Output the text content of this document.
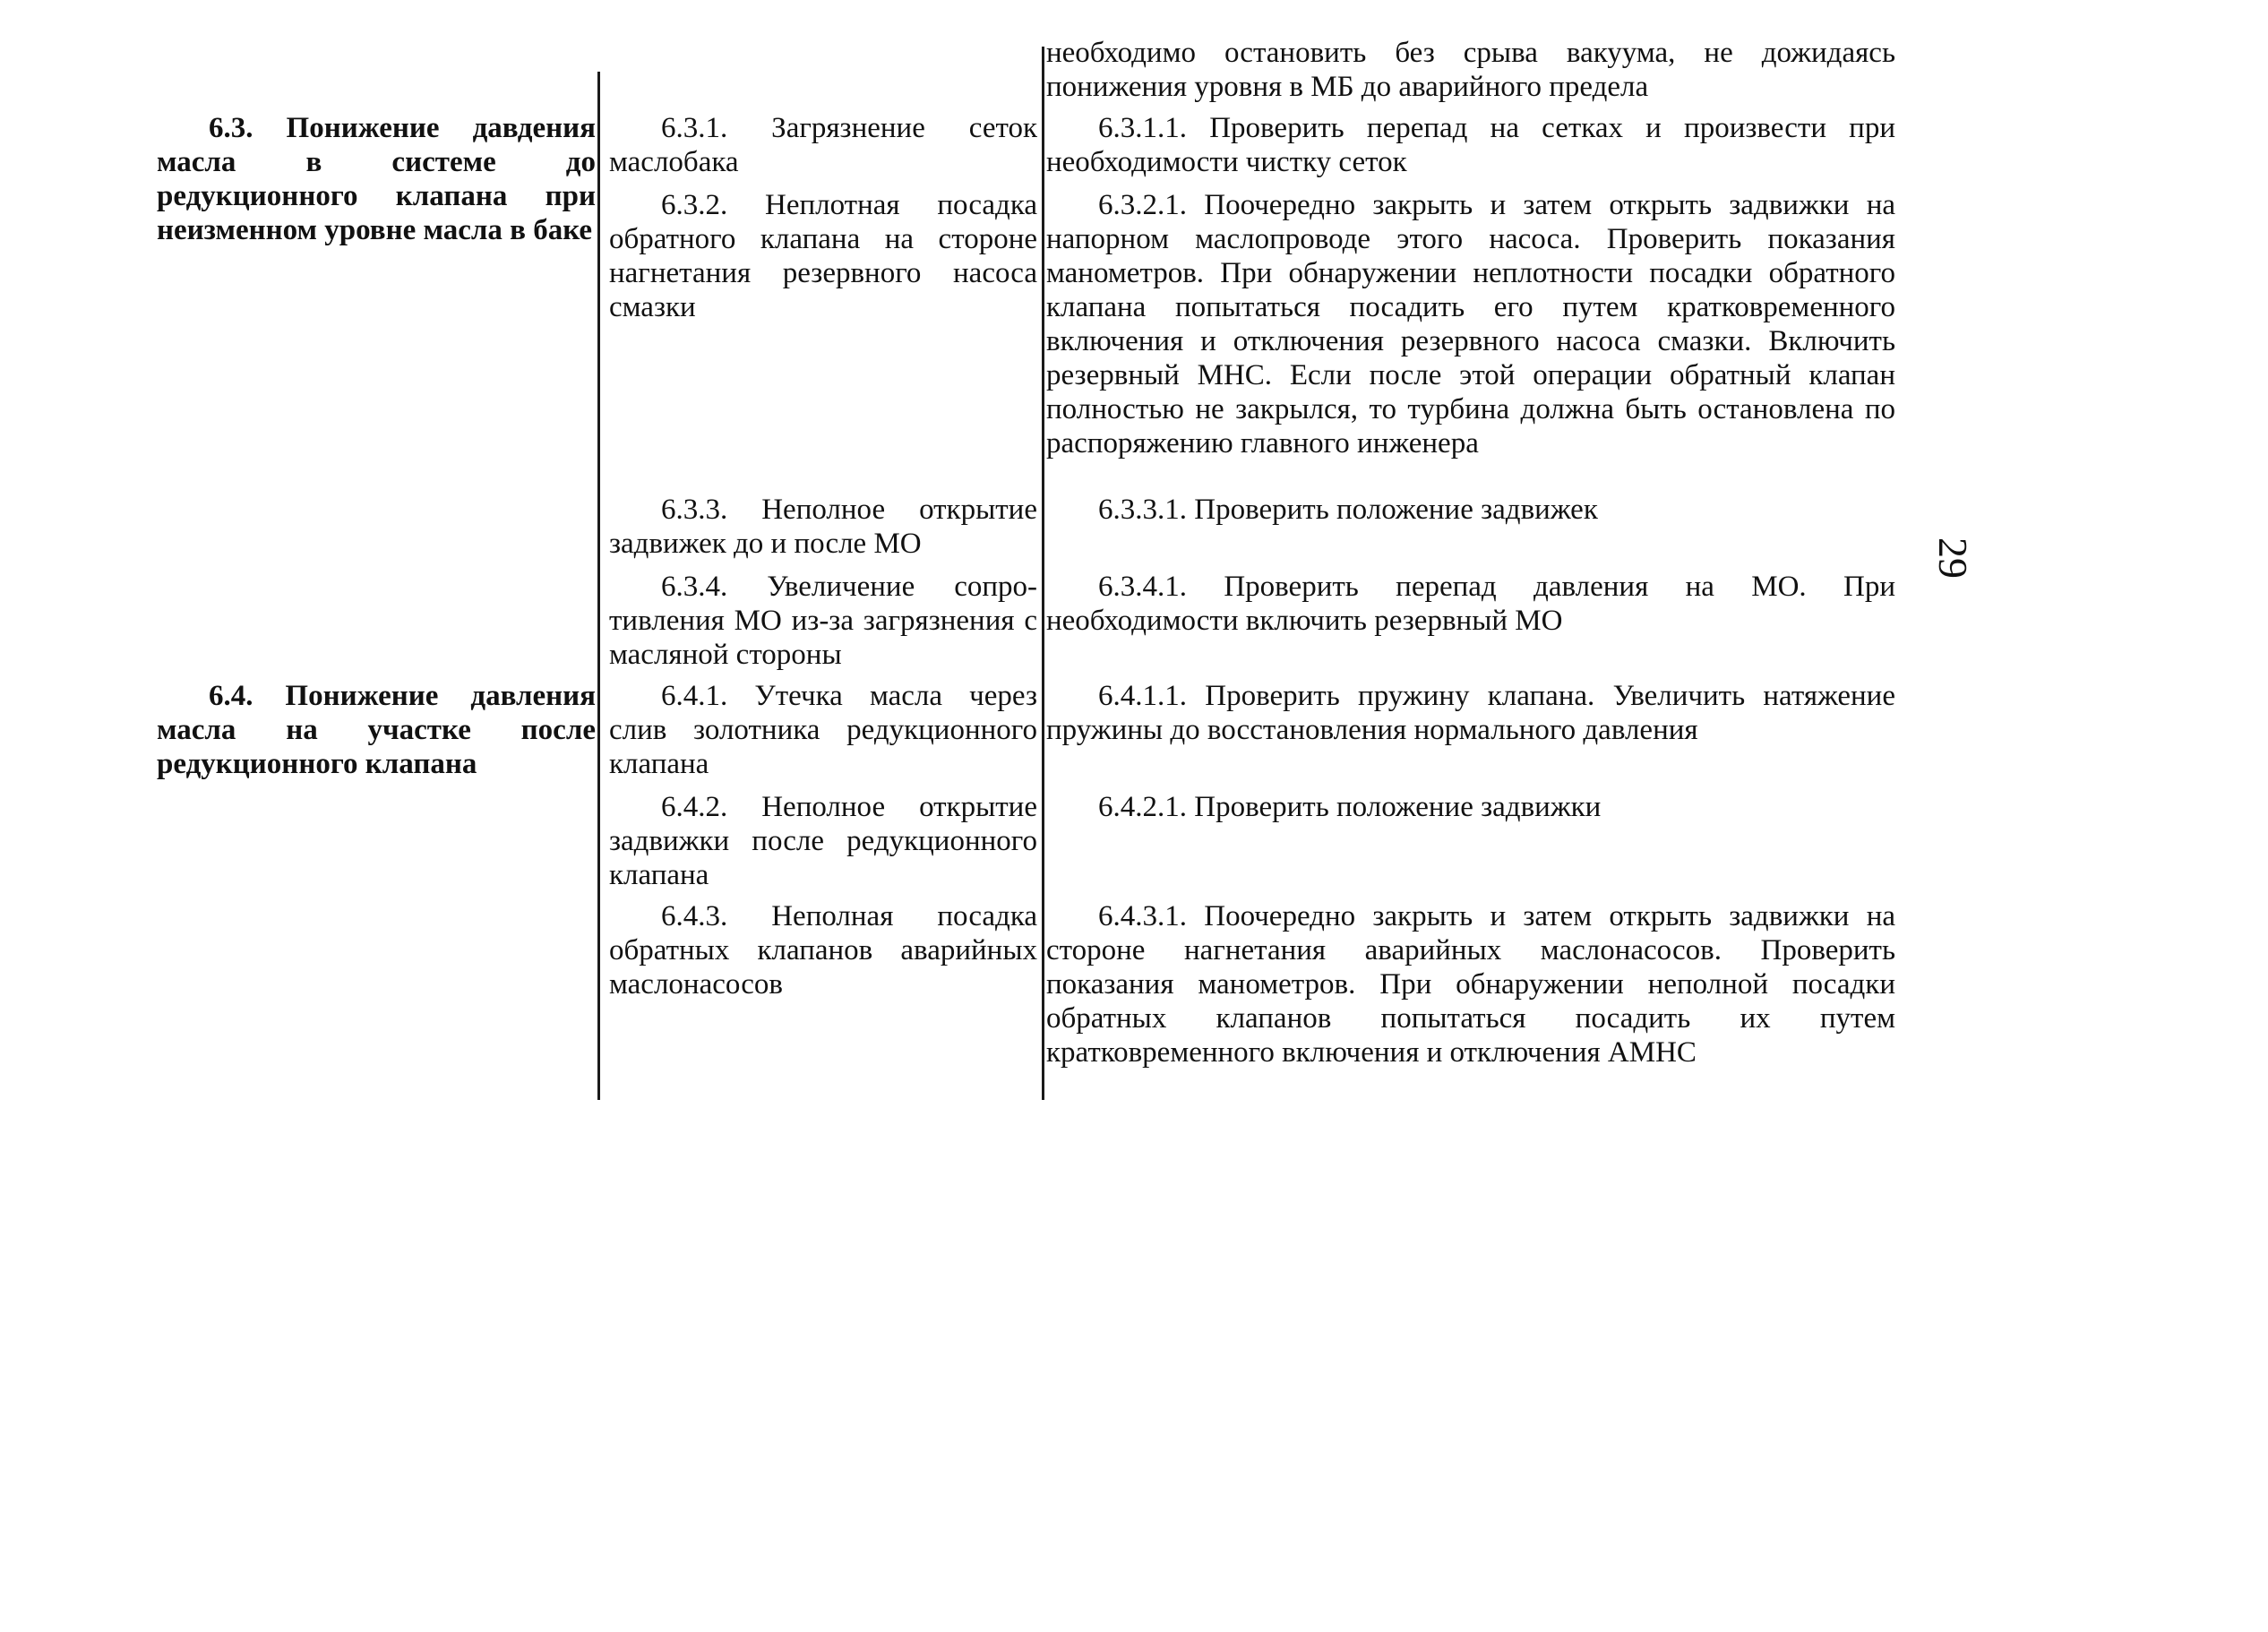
необходимо остановить без срыва вакуума, не дожидаясь понижения уровня в МБ до аварийного предела

6.3. Понижение давдения масла в системе до редукционного клапана при неизменном уровне масла в баке

6.3.1. Загрязнение сеток маслобака

6.3.1.1. Проверить перепад на сетках и произвести при необходимости чистку сеток

6.3.2. Неплотная посадка обратного клапана на стороне нагнетания резервного насоса смазки

6.3.2.1. Поочередно закрыть и затем открыть задвижки на напорном маслопроводе этого насоса. Проверить показания манометров. При обнаружении неплотности посадки обратного клапана попытаться посадить его путем кратковременного включения и отключения резервного насоса смазки. Включить резервный МНС. Если после этой операции обратный клапан полностью не закрылся, то турбина должна быть остановлена по распоряжению главного инженера

6.3.3. Неполное открытие задвижек до и после МО

6.3.3.1. Проверить положение задвижек

6.3.4. Увеличение сопротивления МО из-за загрязнения с масляной стороны

6.3.4.1. Проверить перепад давления на МО. При необходимости включить резервный МО

6.4. Понижение давления масла на участке после редукционного клапана

6.4.1. Утечка масла через слив золотника редукционного клапана

6.4.1.1. Проверить пружину клапана. Увеличить натяжение пружины до восстановления нормального давления

6.4.2. Неполное открытие задвижки после редукционного клапана

6.4.2.1. Проверить положение задвижки

6.4.3. Неполная посадка обратных клапанов аварийных маслонасосов

6.4.3.1. Поочередно закрыть и затем открыть задвижки на стороне нагнетания аварийных маслонасосов. Проверить показания манометров. При обнаружении неполной посадки обратных клапанов попытаться посадить их путем кратковременного включения и отключения АМНС

29
